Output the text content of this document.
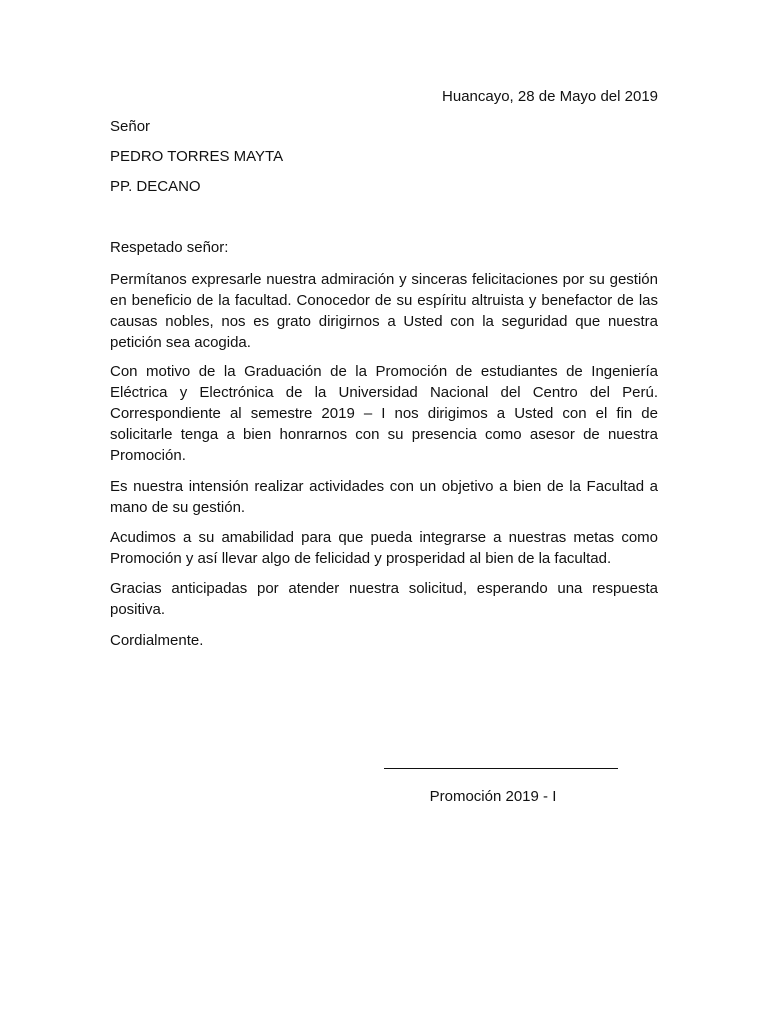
Huancayo, 28 de Mayo del 2019
Señor
PEDRO TORRES MAYTA
PP. DECANO
Respetado señor:
Permítanos expresarle nuestra admiración y sinceras felicitaciones por su gestión en beneficio de la facultad. Conocedor de su espíritu altruista y benefactor de las causas nobles, nos es grato dirigirnos a Usted con la seguridad que nuestra petición sea acogida.
Con motivo de la Graduación de la Promoción de estudiantes de Ingeniería Eléctrica y Electrónica de la Universidad Nacional del Centro del Perú. Correspondiente al semestre 2019 – I nos dirigimos a Usted con el fin de solicitarle tenga a bien honrarnos con su presencia como asesor de nuestra Promoción.
Es nuestra intensión realizar actividades con un objetivo a bien de la Facultad a mano de su gestión.
Acudimos a su amabilidad para que pueda integrarse a nuestras metas como Promoción y así llevar algo de felicidad y prosperidad al bien de la facultad.
Gracias anticipadas por atender nuestra solicitud, esperando una respuesta positiva.
Cordialmente.
Promoción 2019 - I
